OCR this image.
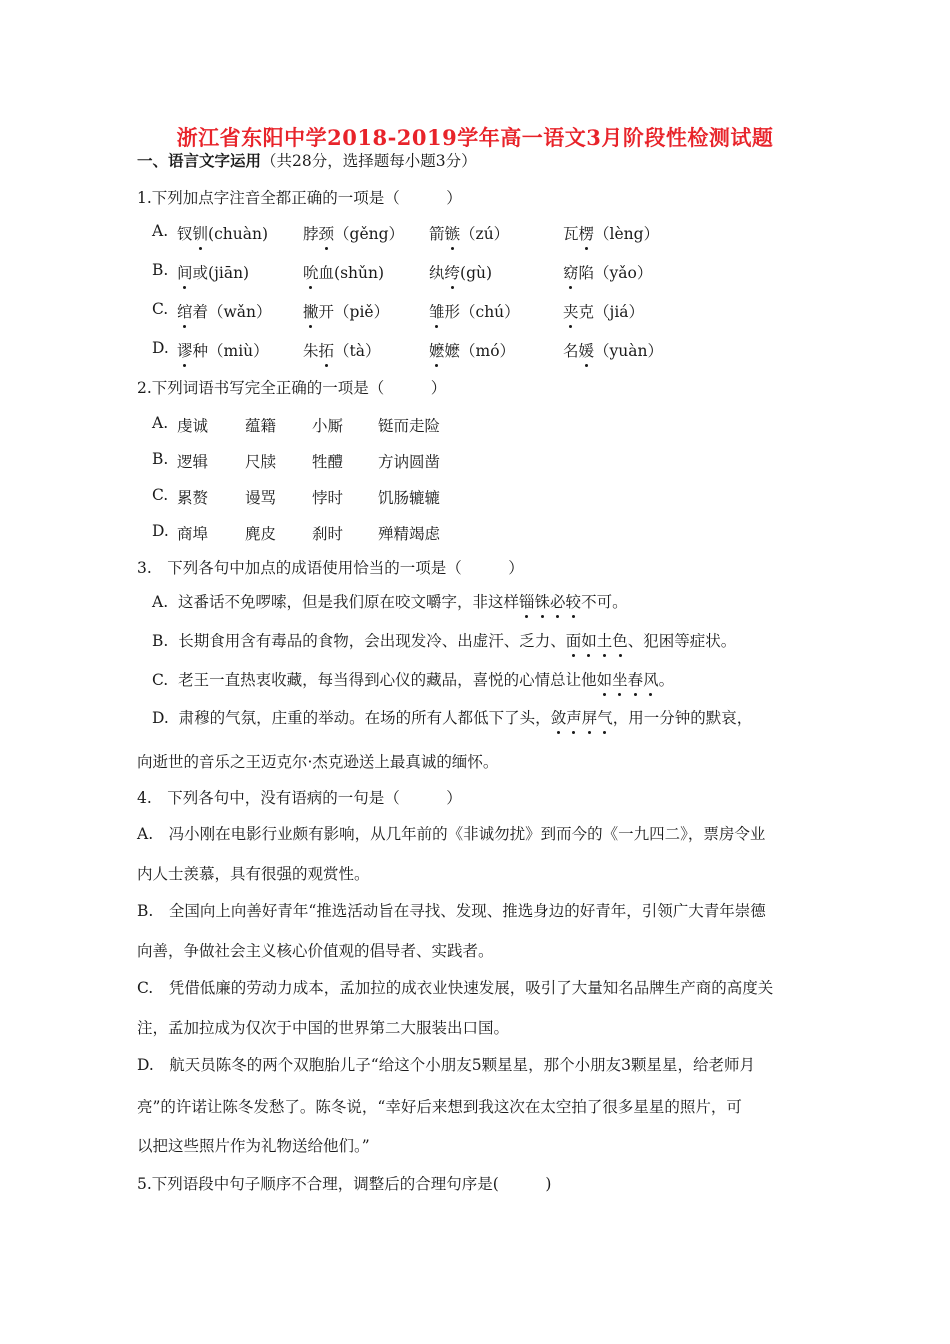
浙江省东阳中学2018-2019学年高一语文3月阶段性检测试题
一、语言文字运用（共28分，选择题每小题3分）
1.下列加点字注音全都正确的一项是（　　　）
A. 钗钏(chuàn) 脖颈（gěng） 箭镞（zú）	瓦楞（lèng）
B. 间或(jiān)	吮血(shǔn)	纨绔(gù)	窈陷（yǎo）
C. 绾着（wǎn） 撇开（piě）	雏形（chú）	夹克（jiá）
D. 谬种（miù） 朱拓（tà）	嬷嬷（mó）	名媛（yuàn）
2.下列词语书写完全正确的一项是（　　　）
A. 虔诚 蕴籍 小厮 铤而走险
B. 逻辑 尺牍 牲醴 方讷圆凿
C. 累赘 谩骂 悖时 饥肠辘辘
D. 商埠 麂皮 刹时 殚精竭虑
3.　下列各句中加点的成语使用恰当的一项是（　　　）
A. 这番话不免啰嗦，但是我们原在咬文嚼字，非这样锱铢必较不可。
B. 长期食用含有毒品的食物，会出现发冷、出虚汗、乏力、面如土色、犯困等症状。
C. 老王一直热衷收藏，每当得到心仪的藏品，喜悦的心情总让他如坐春风。
D. 肃穆的气氛，庄重的举动。在场的所有人都低下了头，敛声屏气，用一分钟的默哀，
向逝世的音乐之王迈克尔·杰克逊送上最真诚的缅怀。
4.　下列各句中，没有语病的一句是（　　　）
A.　冯小刚在电影行业颇有影响，从几年前的《非诚勿扰》到而今的《一九四二》，票房令业
内人士羡慕，具有很强的观赏性。
B.　全国向上向善好青年“推选活动旨在寻找、发现、推选身边的好青年，引领广大青年崇德
向善，争做社会主义核心价值观的倡导者、实践者。
C.　凭借低廉的劳动力成本，孟加拉的成衣业快速发展，吸引了大量知名品牌生产商的高度关
注，孟加拉成为仅次于中国的世界第二大服装出口国。
D.　航天员陈冬的两个双胞胎儿子“给这个小朋友5颗星星，那个小朋友3颗星星，给老师月
亮”的许诺让陈冬发愁了。陈冬说，“幸好后来想到我这次在太空拍了很多星星的照片，可
以把这些照片作为礼物送给他们。”
5.下列语段中句子顺序不合理，调整后的合理句序是(　　　)
